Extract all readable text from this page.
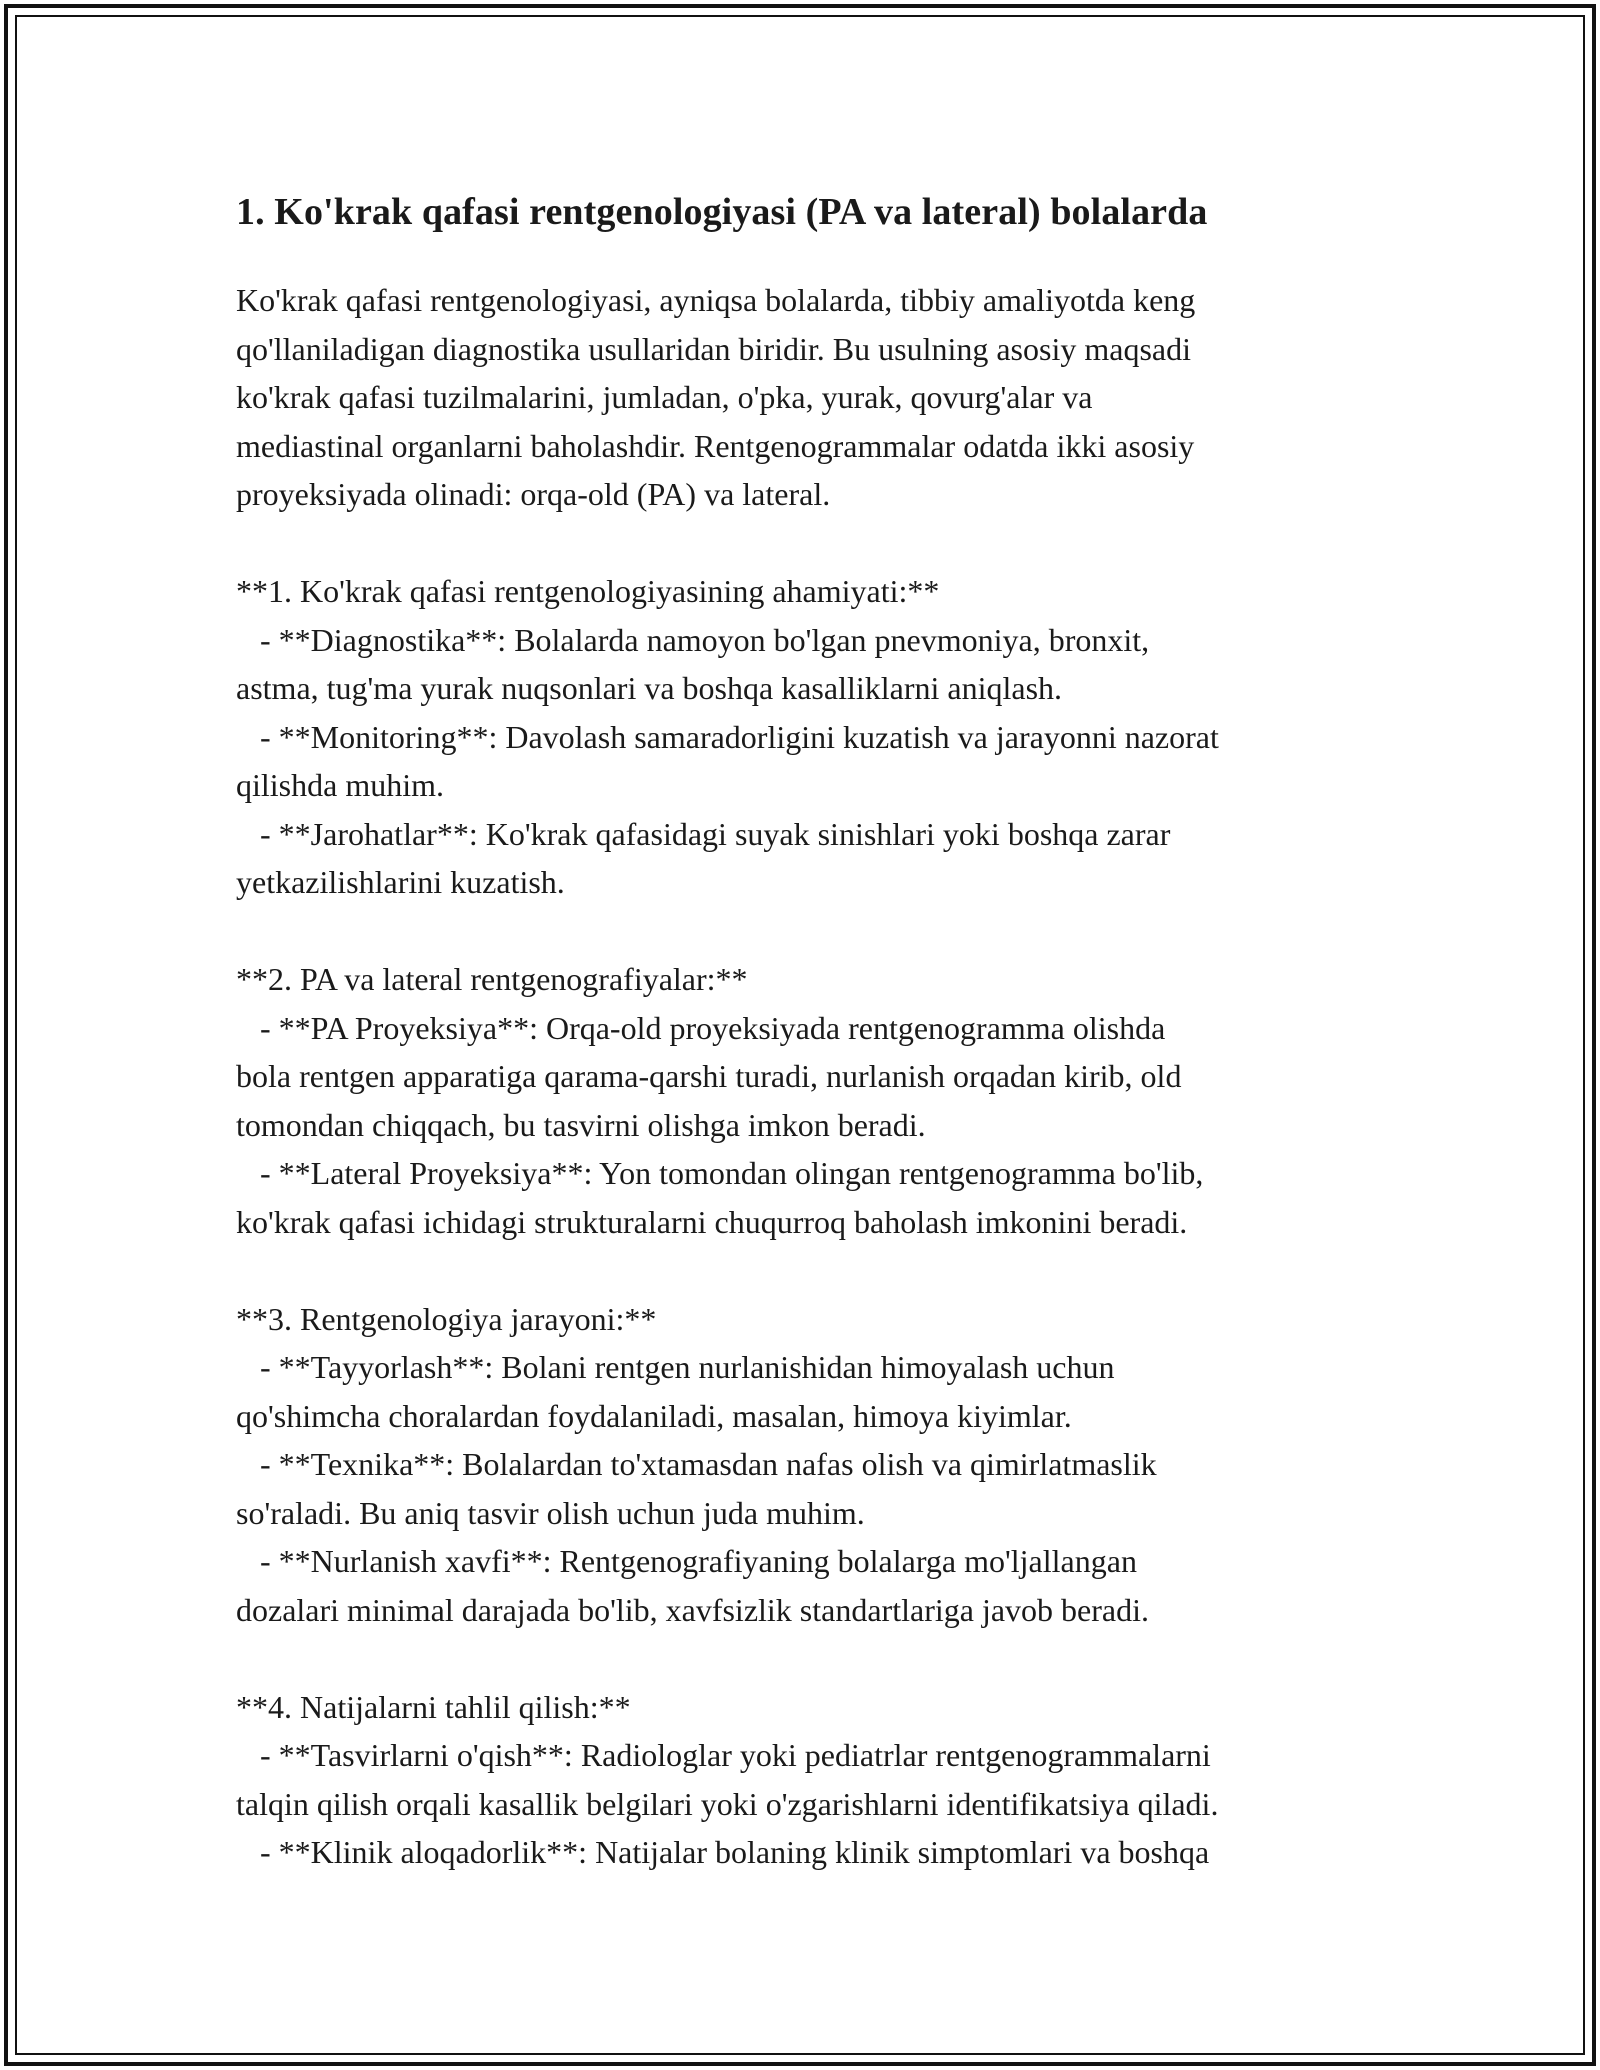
1. Ko'krak qafasi rentgenologiyasi (PA va lateral) bolalarda
Ko'krak qafasi rentgenologiyasi, ayniqsa bolalarda, tibbiy amaliyotda keng
qo'llaniladigan diagnostika usullaridan biridir. Bu usulning asosiy maqsadi
ko'krak qafasi tuzilmalarini, jumladan, o'pka, yurak, qovurg'alar va
mediastinal organlarni baholashdir. Rentgenogrammalar odatda ikki asosiy
proyeksiyada olinadi: orqa-old (PA) va lateral.
**1. Ko'krak qafasi rentgenologiyasining ahamiyati:**
- **Diagnostika**: Bolalarda namoyon bo'lgan pnevmoniya, bronxit,
astma, tug'ma yurak nuqsonlari va boshqa kasalliklarni aniqlash.
- **Monitoring**: Davolash samaradorligini kuzatish va jarayonni nazorat
qilishda muhim.
- **Jarohatlar**: Ko'krak qafasidagi suyak sinishlari yoki boshqa zarar
yetkazilishlarini kuzatish.
**2. PA va lateral rentgenografiyalar:**
- **PA Proyeksiya**: Orqa-old proyeksiyada rentgenogramma olishda
bola rentgen apparatiga qarama-qarshi turadi, nurlanish orqadan kirib, old
tomondan chiqqach, bu tasvirni olishga imkon beradi.
- **Lateral Proyeksiya**: Yon tomondan olingan rentgenogramma bo'lib,
ko'krak qafasi ichidagi strukturalarni chuqurroq baholash imkonini beradi.
**3. Rentgenologiya jarayoni:**
- **Tayyorlash**: Bolani rentgen nurlanishidan himoyalash uchun
qo'shimcha choralardan foydalaniladi, masalan, himoya kiyimlar.
- **Texnika**: Bolalardan to'xtamasdan nafas olish va qimirlatmaslik
so'raladi. Bu aniq tasvir olish uchun juda muhim.
- **Nurlanish xavfi**: Rentgenografiyaning bolalarga mo'ljallangan
dozalari minimal darajada bo'lib, xavfsizlik standartlariga javob beradi.
**4. Natijalarni tahlil qilish:**
- **Tasvirlarni o'qish**: Radiologlar yoki pediatrlar rentgenogrammalarni
talqin qilish orqali kasallik belgilari yoki o'zgarishlarni identifikatsiya qiladi.
- **Klinik aloqadorlik**: Natijalar bolaning klinik simptomlari va boshqa
